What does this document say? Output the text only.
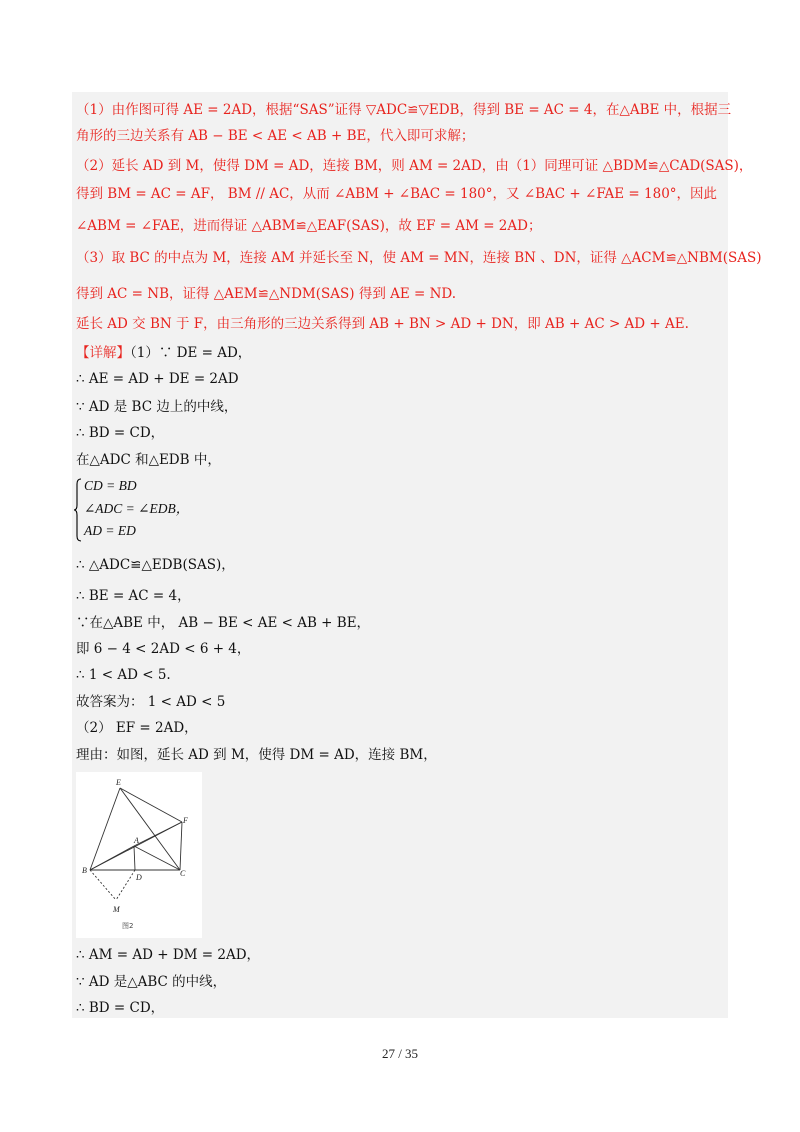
（1）由作图可得 AE = 2AD，根据“SAS”证得 ▽ADC≌▽EDB，得到 BE = AC = 4，在△ABE 中，根据三
角形的三边关系有 AB − BE < AE < AB + BE，代入即可求解；
（2）延长 AD 到 M，使得 DM = AD，连接 BM，则 AM = 2AD，由（1）同理可证 △BDM≌△CAD(SAS)，
得到 BM = AC = AF， BM // AC，从而 ∠ABM + ∠BAC = 180°，又 ∠BAC + ∠FAE = 180°，因此
∠ABM = ∠FAE，进而得证 △ABM≌△EAF(SAS)，故 EF = AM = 2AD；
（3）取 BC 的中点为 M，连接 AM 并延长至 N，使 AM = MN，连接 BN 、DN，证得 △ACM≌△NBM(SAS)
得到 AC = NB，证得 △AEM≌△NDM(SAS) 得到 AE = ND.
延长 AD 交 BN 于 F，由三角形的三边关系得到 AB + BN > AD + DN，即 AB + AC > AD + AE.
【详解】（1）∵ DE = AD，
∴ AE = AD + DE = 2AD
∵ AD 是 BC 边上的中线，
∴ BD = CD，
在△ADC 和△EDB 中，
CD = BD
∠ADC = ∠EDB，
AD = ED
∴ △ADC≌△EDB(SAS)，
∴ BE = AC = 4，
∵在△ABE 中， AB − BE < AE < AB + BE，
即 6 − 4 < 2AD < 6 + 4，
∴ 1 < AD < 5.
故答案为： 1 < AD < 5
（2） EF = 2AD，
理由：如图，延长 AD 到 M，使得 DM = AD，连接 BM，
E
F
A
B
D	C
M
图2
∴ AM = AD + DM = 2AD，
∵ AD 是△ABC 的中线，
∴ BD = CD，
27 / 35
